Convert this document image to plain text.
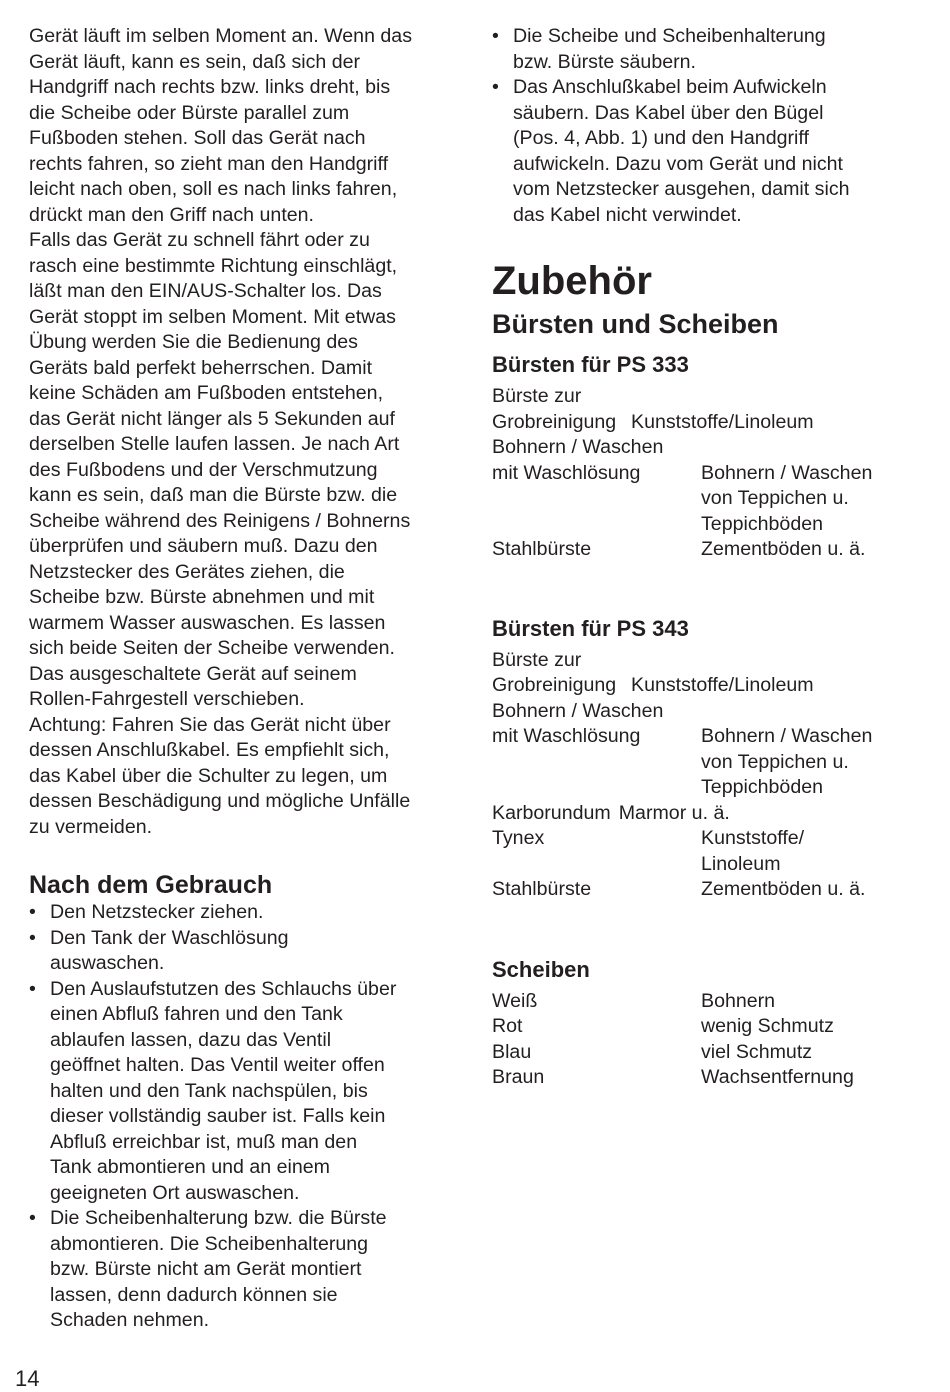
Gerät läuft im selben Moment an. Wenn das
Gerät läuft, kann es sein, daß sich der
Handgriff nach rechts bzw. links dreht, bis
die Scheibe oder Bürste parallel zum
Fußboden stehen. Soll das Gerät nach
rechts fahren, so zieht man den Handgriff
leicht nach oben, soll es nach links fahren,
drückt man den Griff nach unten.
Falls das Gerät zu schnell fährt oder zu
rasch eine bestimmte Richtung einschlägt,
läßt man den EIN/AUS-Schalter los. Das
Gerät stoppt im selben Moment. Mit etwas
Übung werden Sie die Bedienung des
Geräts bald perfekt beherrschen. Damit
keine Schäden am Fußboden entstehen,
das Gerät nicht länger als 5 Sekunden auf
derselben Stelle laufen lassen. Je nach Art
des Fußbodens und der Verschmutzung
kann es sein, daß man die Bürste bzw. die
Scheibe während des Reinigens / Bohnerns
überprüfen und säubern muß. Dazu den
Netzstecker des Gerätes ziehen, die
Scheibe bzw. Bürste abnehmen und mit
warmem Wasser auswaschen. Es lassen
sich beide Seiten der Scheibe verwenden.
Das ausgeschaltete Gerät auf seinem
Rollen-Fahrgestell verschieben.
Achtung: Fahren Sie das Gerät nicht über
dessen Anschlußkabel. Es empfiehlt sich,
das Kabel über die Schulter zu legen, um
dessen Beschädigung und mögliche Unfälle
zu vermeiden.

Nach dem Gebrauch
• Den Netzstecker ziehen.
• Den Tank der Waschlösung
auswaschen.
• Den Auslaufstutzen des Schlauchs über
einen Abfluß fahren und den Tank
ablaufen lassen, dazu das Ventil
geöffnet halten. Das Ventil weiter offen
halten und den Tank nachspülen, bis
dieser vollständig sauber ist. Falls kein
Abfluß erreichbar ist, muß man den
Tank abmontieren und an einem
geeigneten Ort auswaschen.
• Die Scheibenhalterung bzw. die Bürste
abmontieren. Die Scheibenhalterung
bzw. Bürste nicht am Gerät montiert
lassen, denn dadurch können sie
Schaden nehmen.
• Die Scheibe und Scheibenhalterung
bzw. Bürste säubern.
• Das Anschlußkabel beim Aufwickeln
säubern. Das Kabel über den Bügel
(Pos. 4, Abb. 1) und den Handgriff
aufwickeln. Dazu vom Gerät und nicht
vom Netzstecker ausgehen, damit sich
das Kabel nicht verwindet.
Zubehör
Bürsten und Scheiben
Bürsten für PS 333
Bürste zur
Grobreinigung Kunststoffe/Linoleum
Bohnern / Waschen
mit Waschlösung	Bohnern / Waschen
von Teppichen u.
Teppichböden
Stahlbürste	Zementböden u. ä.
Bürsten für PS 343
Bürste zur
Grobreinigung Kunststoffe/Linoleum
Bohnern / Waschen
mit Waschlösung	Bohnern / Waschen
von Teppichen u.
Teppichböden
Karborundum Marmor u. ä.
Tynex	Kunststoffe/
Linoleum
Stahlbürste	Zementböden u. ä.
Scheiben
Weiß	Bohnern
Rot	wenig Schmutz
Blau	viel Schmutz
Braun	Wachsentfernung
14
